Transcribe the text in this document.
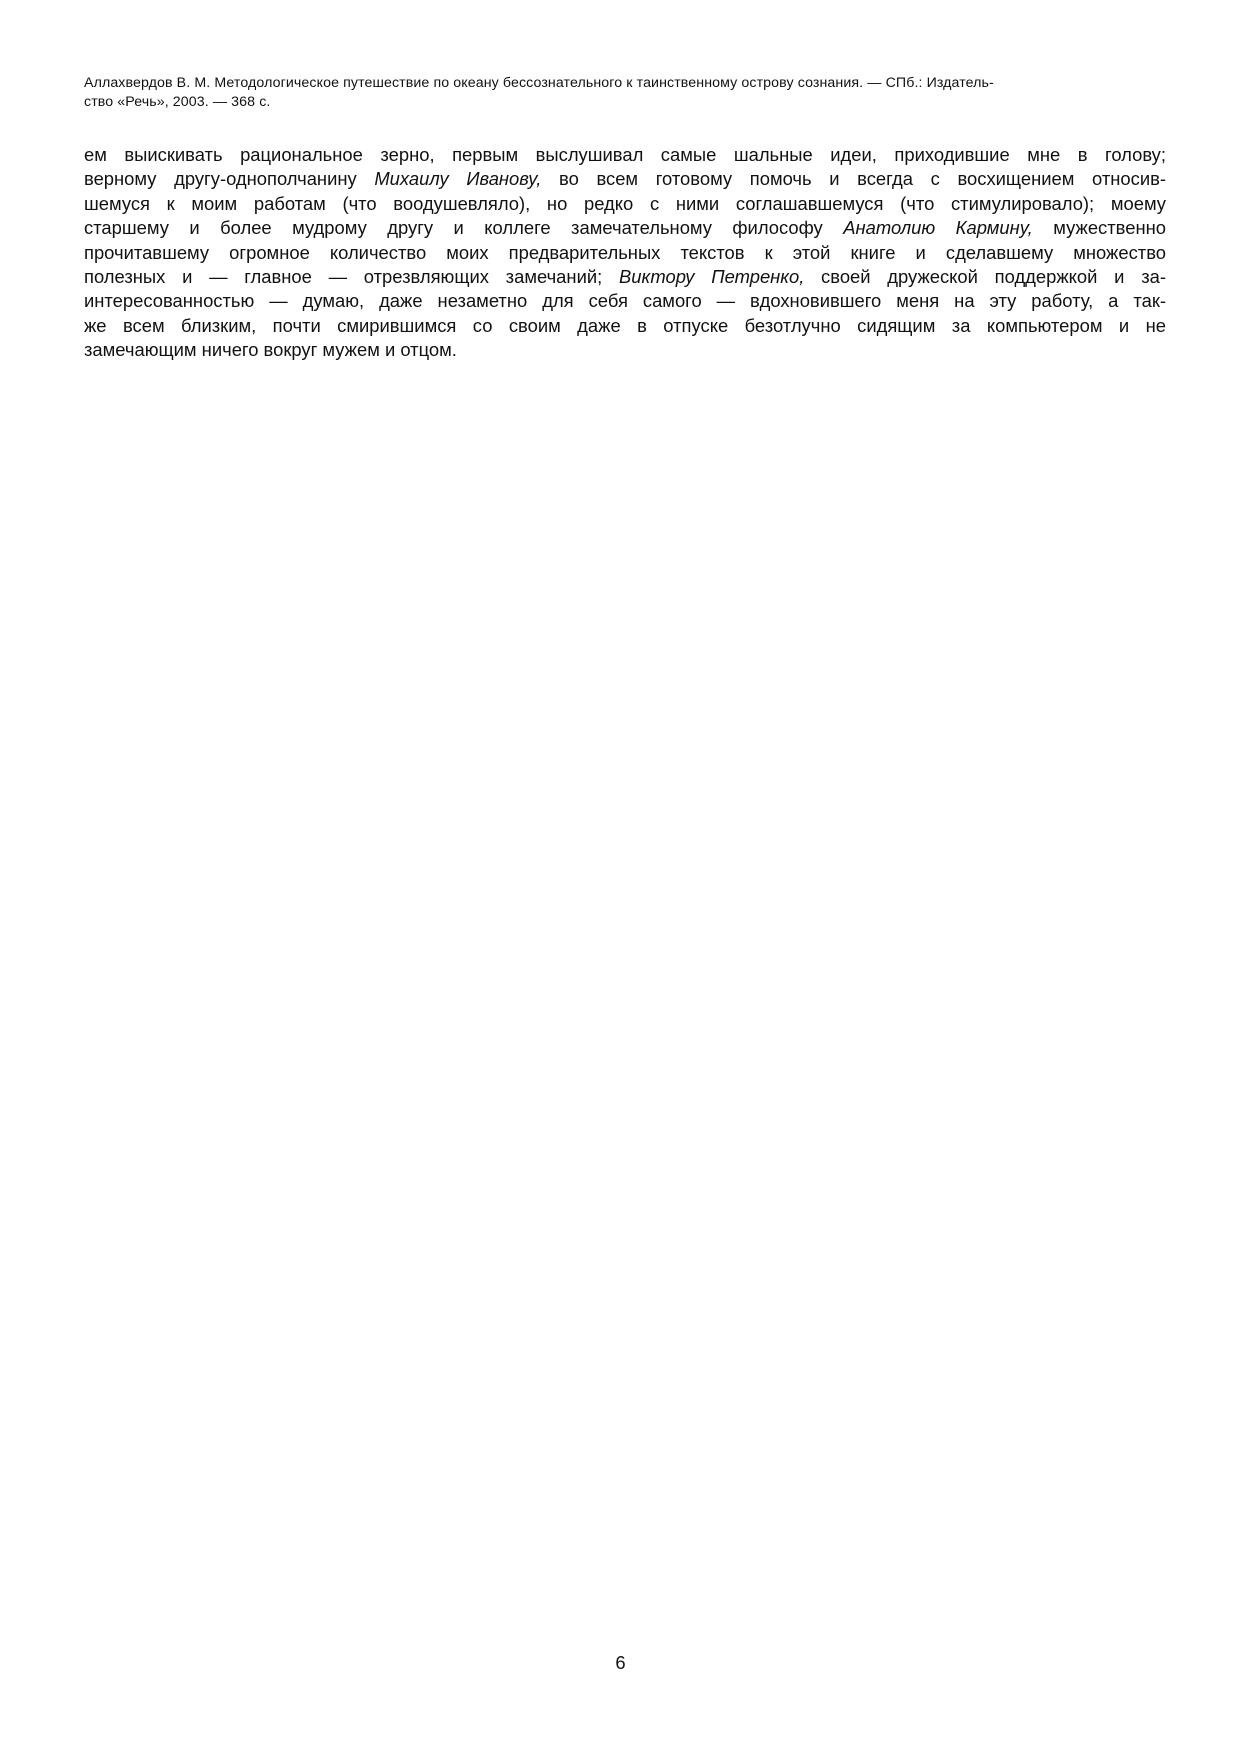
Аллахвердов В. М. Методологическое путешествие по океану бессознательного к таинственному острову сознания. — СПб.: Издатель-
ство «Речь», 2003. — 368 с.
ем выискивать рациональное зерно, первым выслушивал самые шальные идеи, приходившие мне в голову;
верному другу-однополчанину Михаилу Иванову, во всем готовому помочь и всегда с восхищением относив-
шемуся к моим работам (что воодушевляло), но редко с ними соглашавшемуся (что стимулировало); моему
старшему и более мудрому другу и коллеге замечательному философу Анатолию Кармину, мужественно
прочитавшему огромное количество моих предварительных текстов к этой книге и сделавшему множество
полезных и — главное — отрезвляющих замечаний; Виктору Петренко, своей дружеской поддержкой и за-
интересованностью — думаю, даже незаметно для себя самого — вдохновившего меня на эту работу, а так-
же всем близким, почти смирившимся со своим даже в отпуске безотлучно сидящим за компьютером и не
замечающим ничего вокруг мужем и отцом.
6
